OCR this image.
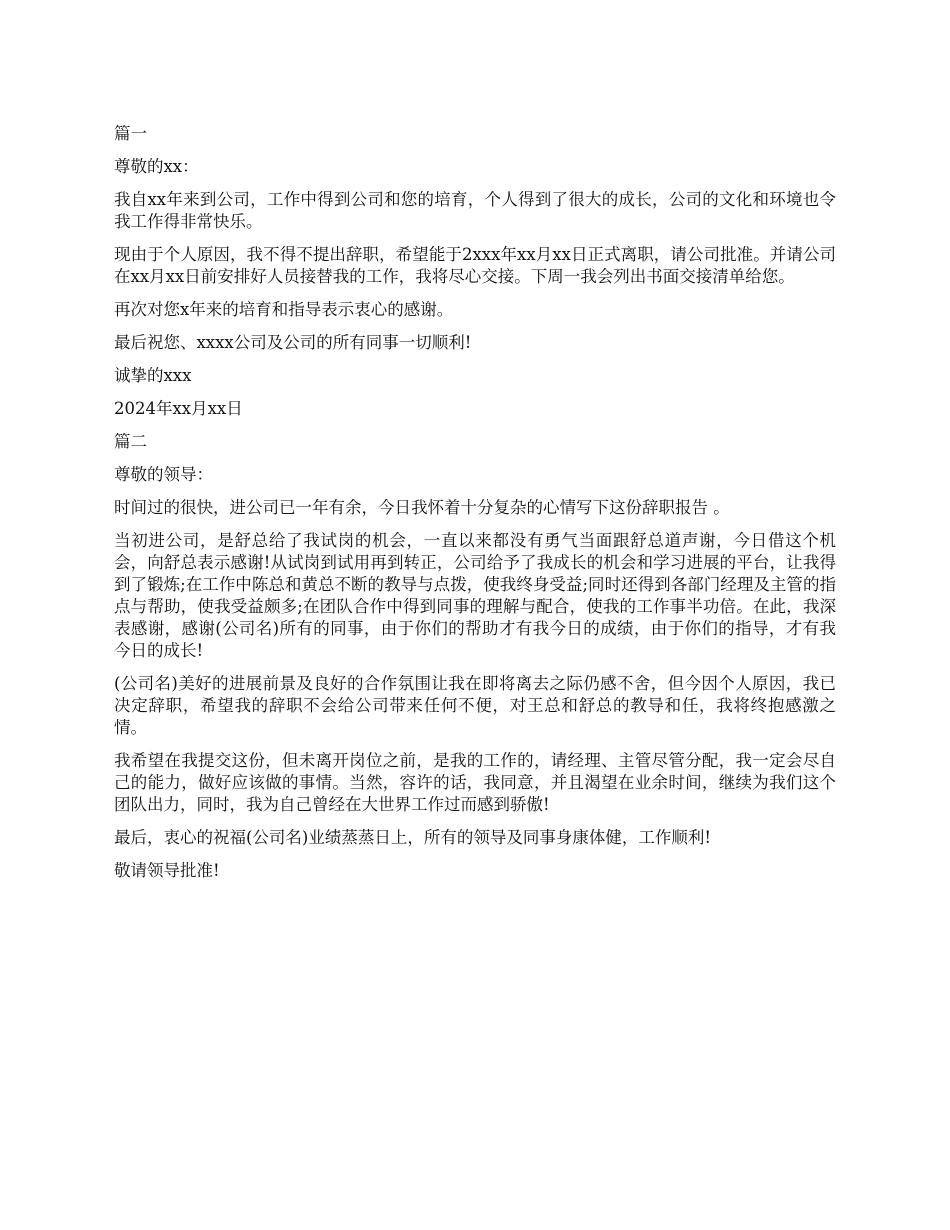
篇一

尊敬的xx：

我自xx年来到公司，工作中得到公司和您的培育，个人得到了很大的成长，公司的文化和环境也令我工作得非常快乐。

现由于个人原因，我不得不提出辞职，希望能于2xxx年xx月xx日正式离职，请公司批准。并请公司在xx月xx日前安排好人员接替我的工作，我将尽心交接。下周一我会列出书面交接清单给您。

再次对您x年来的培育和指导表示衷心的感谢。

最后祝您、xxxx公司及公司的所有同事一切顺利!

诚挚的xxx

2024年xx月xx日

篇二

尊敬的领导：

时间过的很快，进公司已一年有余，今日我怀着十分复杂的心情写下这份辞职报告 。

当初进公司，是舒总给了我试岗的机会，一直以来都没有勇气当面跟舒总道声谢，今日借这个机会，向舒总表示感谢!从试岗到试用再到转正，公司给予了我成长的机会和学习进展的平台，让我得到了锻炼;在工作中陈总和黄总不断的教导与点拨，使我终身受益;同时还得到各部门经理及主管的指点与帮助，使我受益颇多;在团队合作中得到同事的理解与配合，使我的工作事半功倍。在此，我深表感谢，感谢(公司名)所有的同事，由于你们的帮助才有我今日的成绩，由于你们的指导，才有我今日的成长!

(公司名)美好的进展前景及良好的合作氛围让我在即将离去之际仍感不舍，但今因个人原因，我已决定辞职，希望我的辞职不会给公司带来任何不便，对王总和舒总的教导和任，我将终抱感激之情。

我希望在我提交这份，但未离开岗位之前，是我的工作的，请经理、主管尽管分配，我一定会尽自己的能力，做好应该做的事情。当然，容许的话，我同意，并且渴望在业余时间，继续为我们这个团队出力，同时，我为自己曾经在大世界工作过而感到骄傲!

最后，衷心的祝福(公司名)业绩蒸蒸日上，所有的领导及同事身康体健，工作顺利!

敬请领导批准!
